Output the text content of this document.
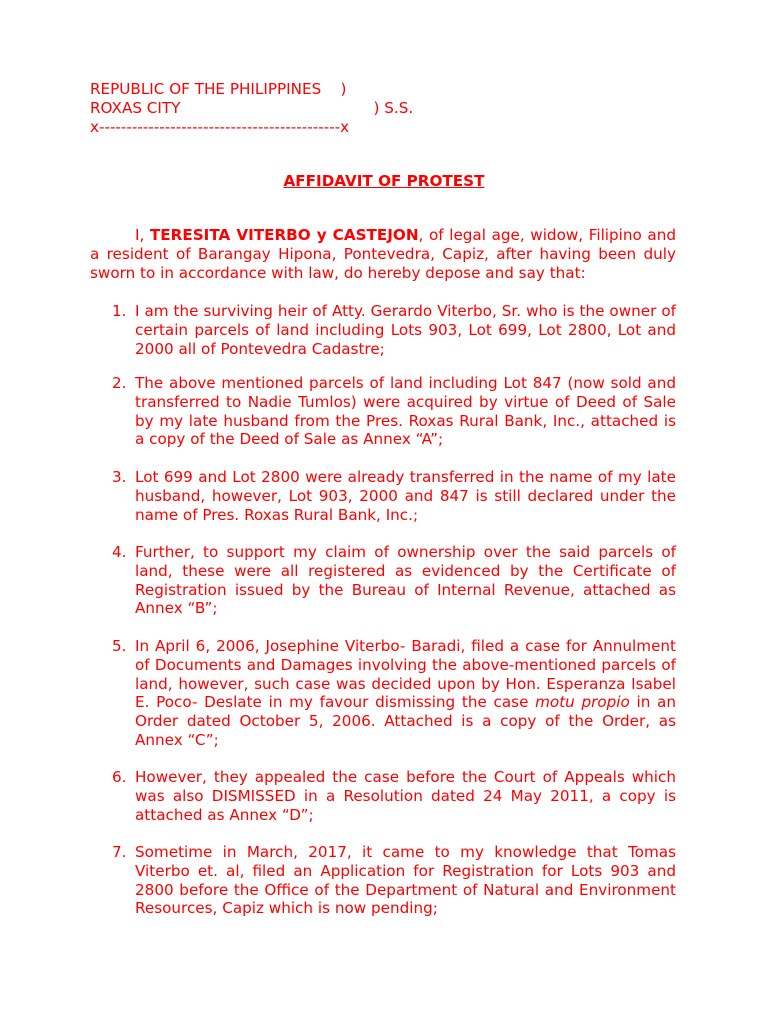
REPUBLIC OF THE PHILIPPINES    )
ROXAS CITY                                        ) S.S.
x--------------------------------------------x
AFFIDAVIT OF PROTEST

I, TERESITA VITERBO y CASTEJON, of legal age, widow, Filipino and a resident of Barangay Hipona, Pontevedra, Capiz, after having been duly sworn to in accordance with law, do hereby depose and say that:

1. I am the surviving heir of Atty. Gerardo Viterbo, Sr. who is the owner of certain parcels of land including Lots 903, Lot 699, Lot 2800, Lot and 2000 all of Pontevedra Cadastre;
2. The above mentioned parcels of land including Lot 847 (now sold and transferred to Nadie Tumlos) were acquired by virtue of Deed of Sale by my late husband from the Pres. Roxas Rural Bank, Inc., attached is a copy of the Deed of Sale as Annex “A”;
3. Lot 699 and Lot 2800 were already transferred in the name of my late husband, however, Lot 903, 2000 and 847 is still declared under the name of Pres. Roxas Rural Bank, Inc.;
4. Further, to support my claim of ownership over the said parcels of land, these were all registered as evidenced by the Certificate of Registration issued by the Bureau of Internal Revenue, attached as Annex “B”;
5. In April 6, 2006, Josephine Viterbo- Baradi, filed a case for Annulment of Documents and Damages involving the above-mentioned parcels of land, however, such case was decided upon by Hon. Esperanza Isabel E. Poco- Deslate in my favour dismissing the case motu propio in an Order dated October 5, 2006. Attached is a copy of the Order, as Annex “C”;
6. However, they appealed the case before the Court of Appeals which was also DISMISSED in a Resolution dated 24 May 2011, a copy is attached as Annex “D”;
7. Sometime in March, 2017, it came to my knowledge that Tomas Viterbo et. al, filed an Application for Registration for Lots 903 and 2800 before the Office of the Department of Natural and Environment Resources, Capiz which is now pending;
